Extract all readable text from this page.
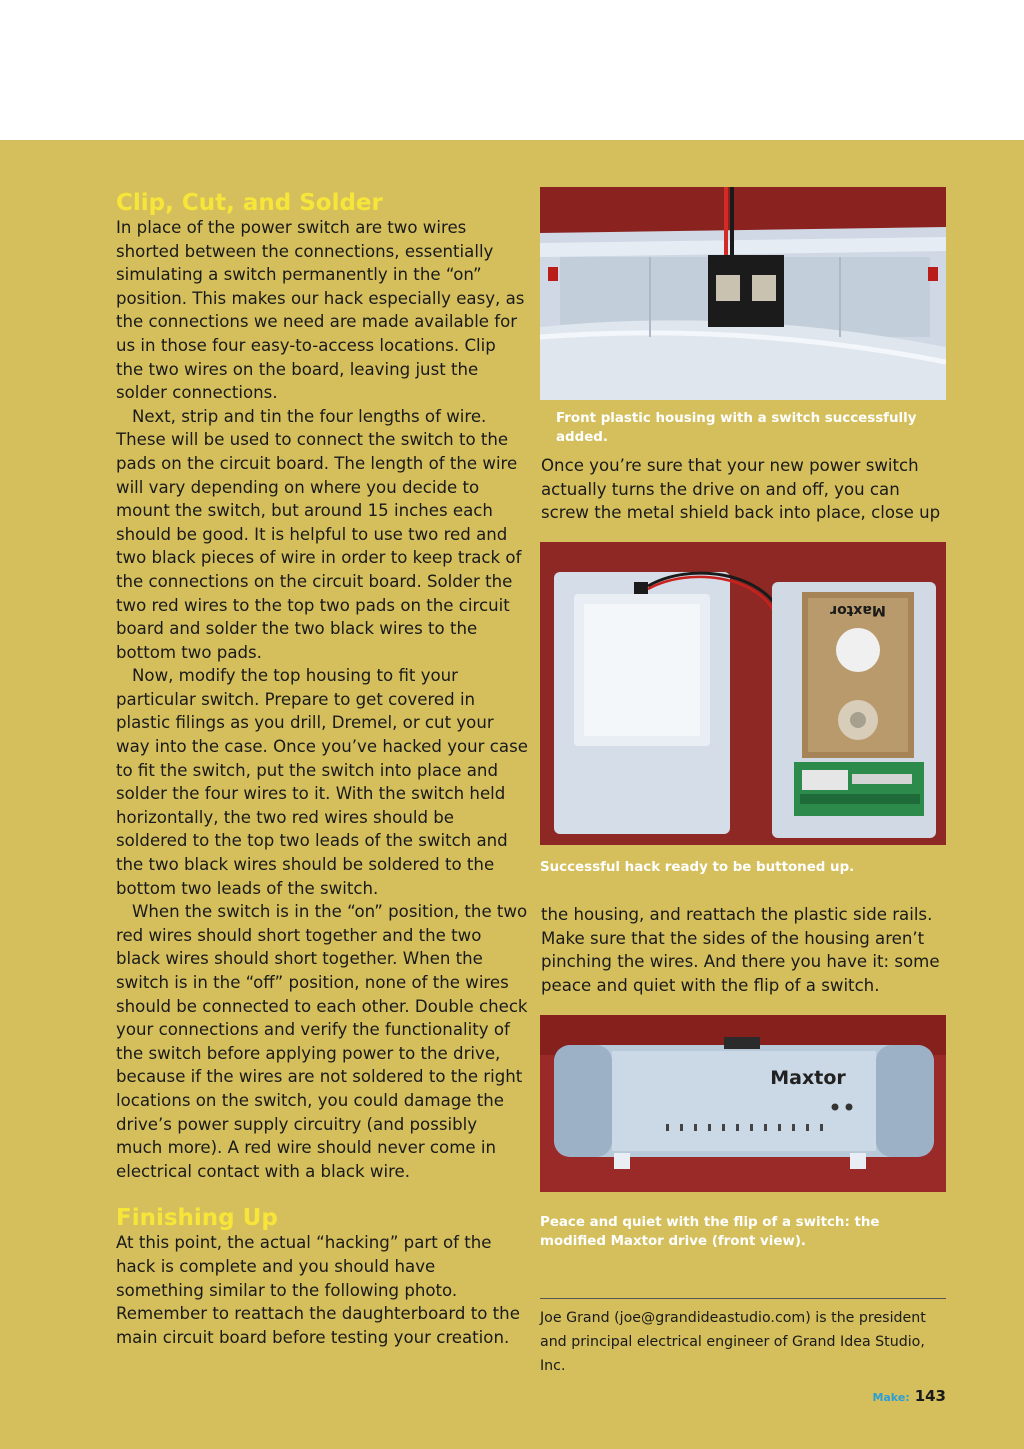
Clip, Cut, and Solder

In place of the power switch are two wires shorted between the connections, essentially simulating a switch permanently in the “on” position. This makes our hack especially easy, as the connections we need are made available for us in those four easy-to-access locations. Clip the two wires on the board, leaving just the solder connections.

Next, strip and tin the four lengths of wire. These will be used to connect the switch to the pads on the circuit board. The length of the wire will vary depending on where you decide to mount the switch, but around 15 inches each should be good. It is helpful to use two red and two black pieces of wire in order to keep track of the connections on the circuit board. Solder the two red wires to the top two pads on the circuit board and solder the two black wires to the bottom two pads.

Now, modify the top housing to fit your particular switch. Prepare to get covered in plastic filings as you drill, Dremel, or cut your way into the case. Once you’ve hacked your case to fit the switch, put the switch into place and solder the four wires to it. With the switch held horizontally, the two red wires should be soldered to the top two leads of the switch and the two black wires should be soldered to the bottom two leads of the switch.

When the switch is in the “on” position, the two red wires should short together and the two black wires should short together. When the switch is in the “off” position, none of the wires should be connected to each other. Double check your connections and verify the functionality of the switch before applying power to the drive, because if the wires are not soldered to the right locations on the switch, you could damage the drive’s power supply circuitry (and possibly much more). A red wire should never come in electrical contact with a black wire.

Finishing Up

At this point, the actual “hacking” part of the hack is complete and you should have something similar to the following photo. Remember to reattach the daughterboard to the main circuit board before testing your creation.

Front plastic housing with a switch successfully added.

Once you’re sure that your new power switch actually turns the drive on and off, you can screw the metal shield back into place, close up

Maxtor
Successful hack ready to be buttoned up.

the housing, and reattach the plastic side rails. Make sure that the sides of the housing aren’t pinching the wires. And there you have it: some peace and quiet with the flip of a switch.

Maxtor
Peace and quiet with the flip of a switch: the modified Maxtor drive (front view).

Joe Grand (joe@grandideastudio.com) is the president and principal electrical engineer of Grand Idea Studio, Inc.

Make: 143
